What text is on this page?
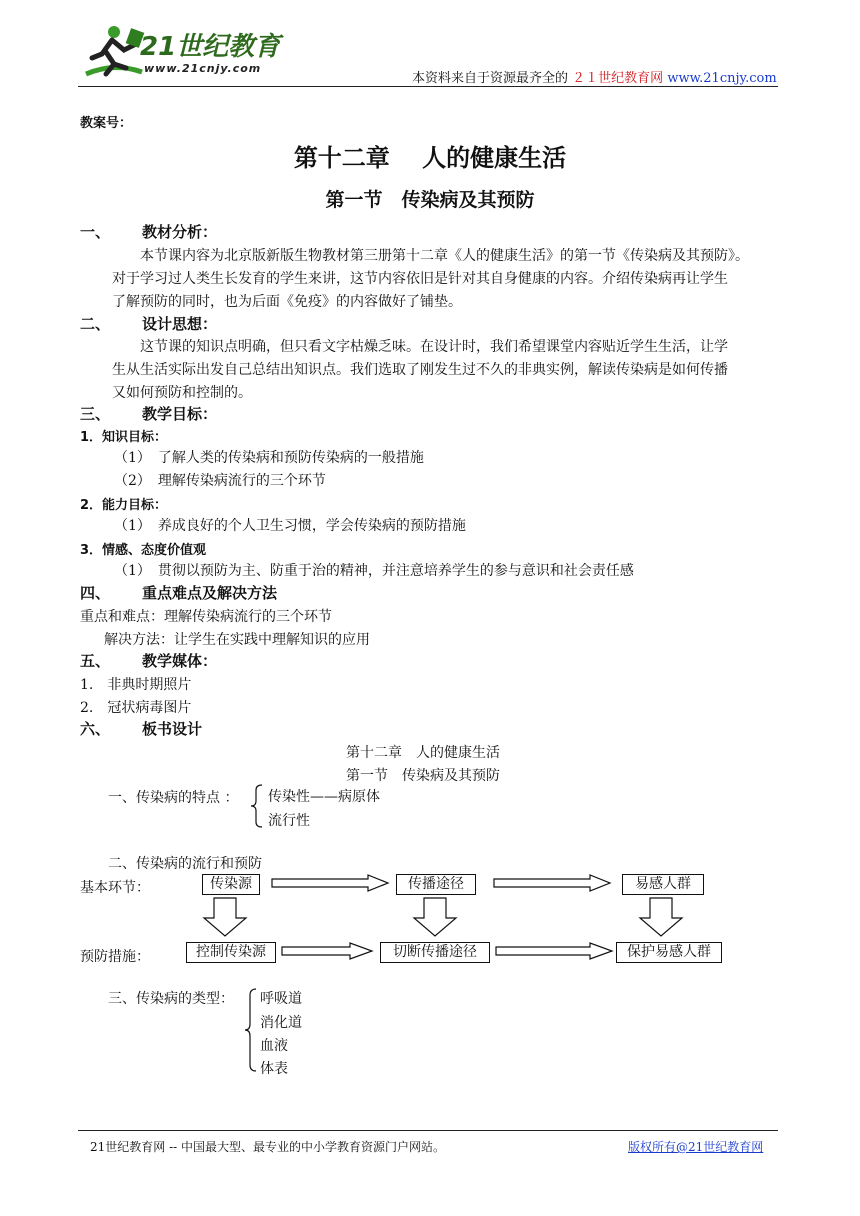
21世纪教育
www.21cnjy.com
本资料来自于资源最齐全的 ２１世纪教育网 www.21cnjy.com
教案号：
第十二章　 人的健康生活
第一节　传染病及其预防
一、 教材分析：
本节课内容为北京版新版生物教材第三册第十二章《人的健康生活》的第一节《传染病及其预防》。
对于学习过人类生长发育的学生来讲，这节内容依旧是针对其自身健康的内容。介绍传染病再让学生
了解预防的同时，也为后面《免疫》的内容做好了铺垫。
二、 设计思想：
这节课的知识点明确，但只看文字枯燥乏味。在设计时，我们希望课堂内容贴近学生生活，让学
生从生活实际出发自己总结出知识点。我们选取了刚发生过不久的非典实例，解读传染病是如何传播
又如何预防和控制的。
三、 教学目标：
1．知识目标：
（1）　了解人类的传染病和预防传染病的一般措施
（2）　理解传染病流行的三个环节
2．能力目标：
（1）　养成良好的个人卫生习惯，学会传染病的预防措施
3．情感、态度价值观
（1）　贯彻以预防为主、防重于治的精神，并注意培养学生的参与意识和社会责任感
四、 重点难点及解决方法
重点和难点：理解传染病流行的三个环节
解决方法：让学生在实践中理解知识的应用
五、 教学媒体：
1.　非典时期照片
2.　冠状病毒图片
六、 板书设计
第十二章　人的健康生活
第一节　传染病及其预防
一、传染病的特点 ： 传染性——病原体
流行性
二、传染病的流行和预防
基本环节：	传染源	传播途径	易感人群
预防措施：	控制传染源	切断传播途径	保护易感人群
三、传染病的类型： 呼吸道
消化道
血液
体表
21世纪教育网 -- 中国最大型、最专业的中小学教育资源门户网站。	版权所有@21世纪教育网
